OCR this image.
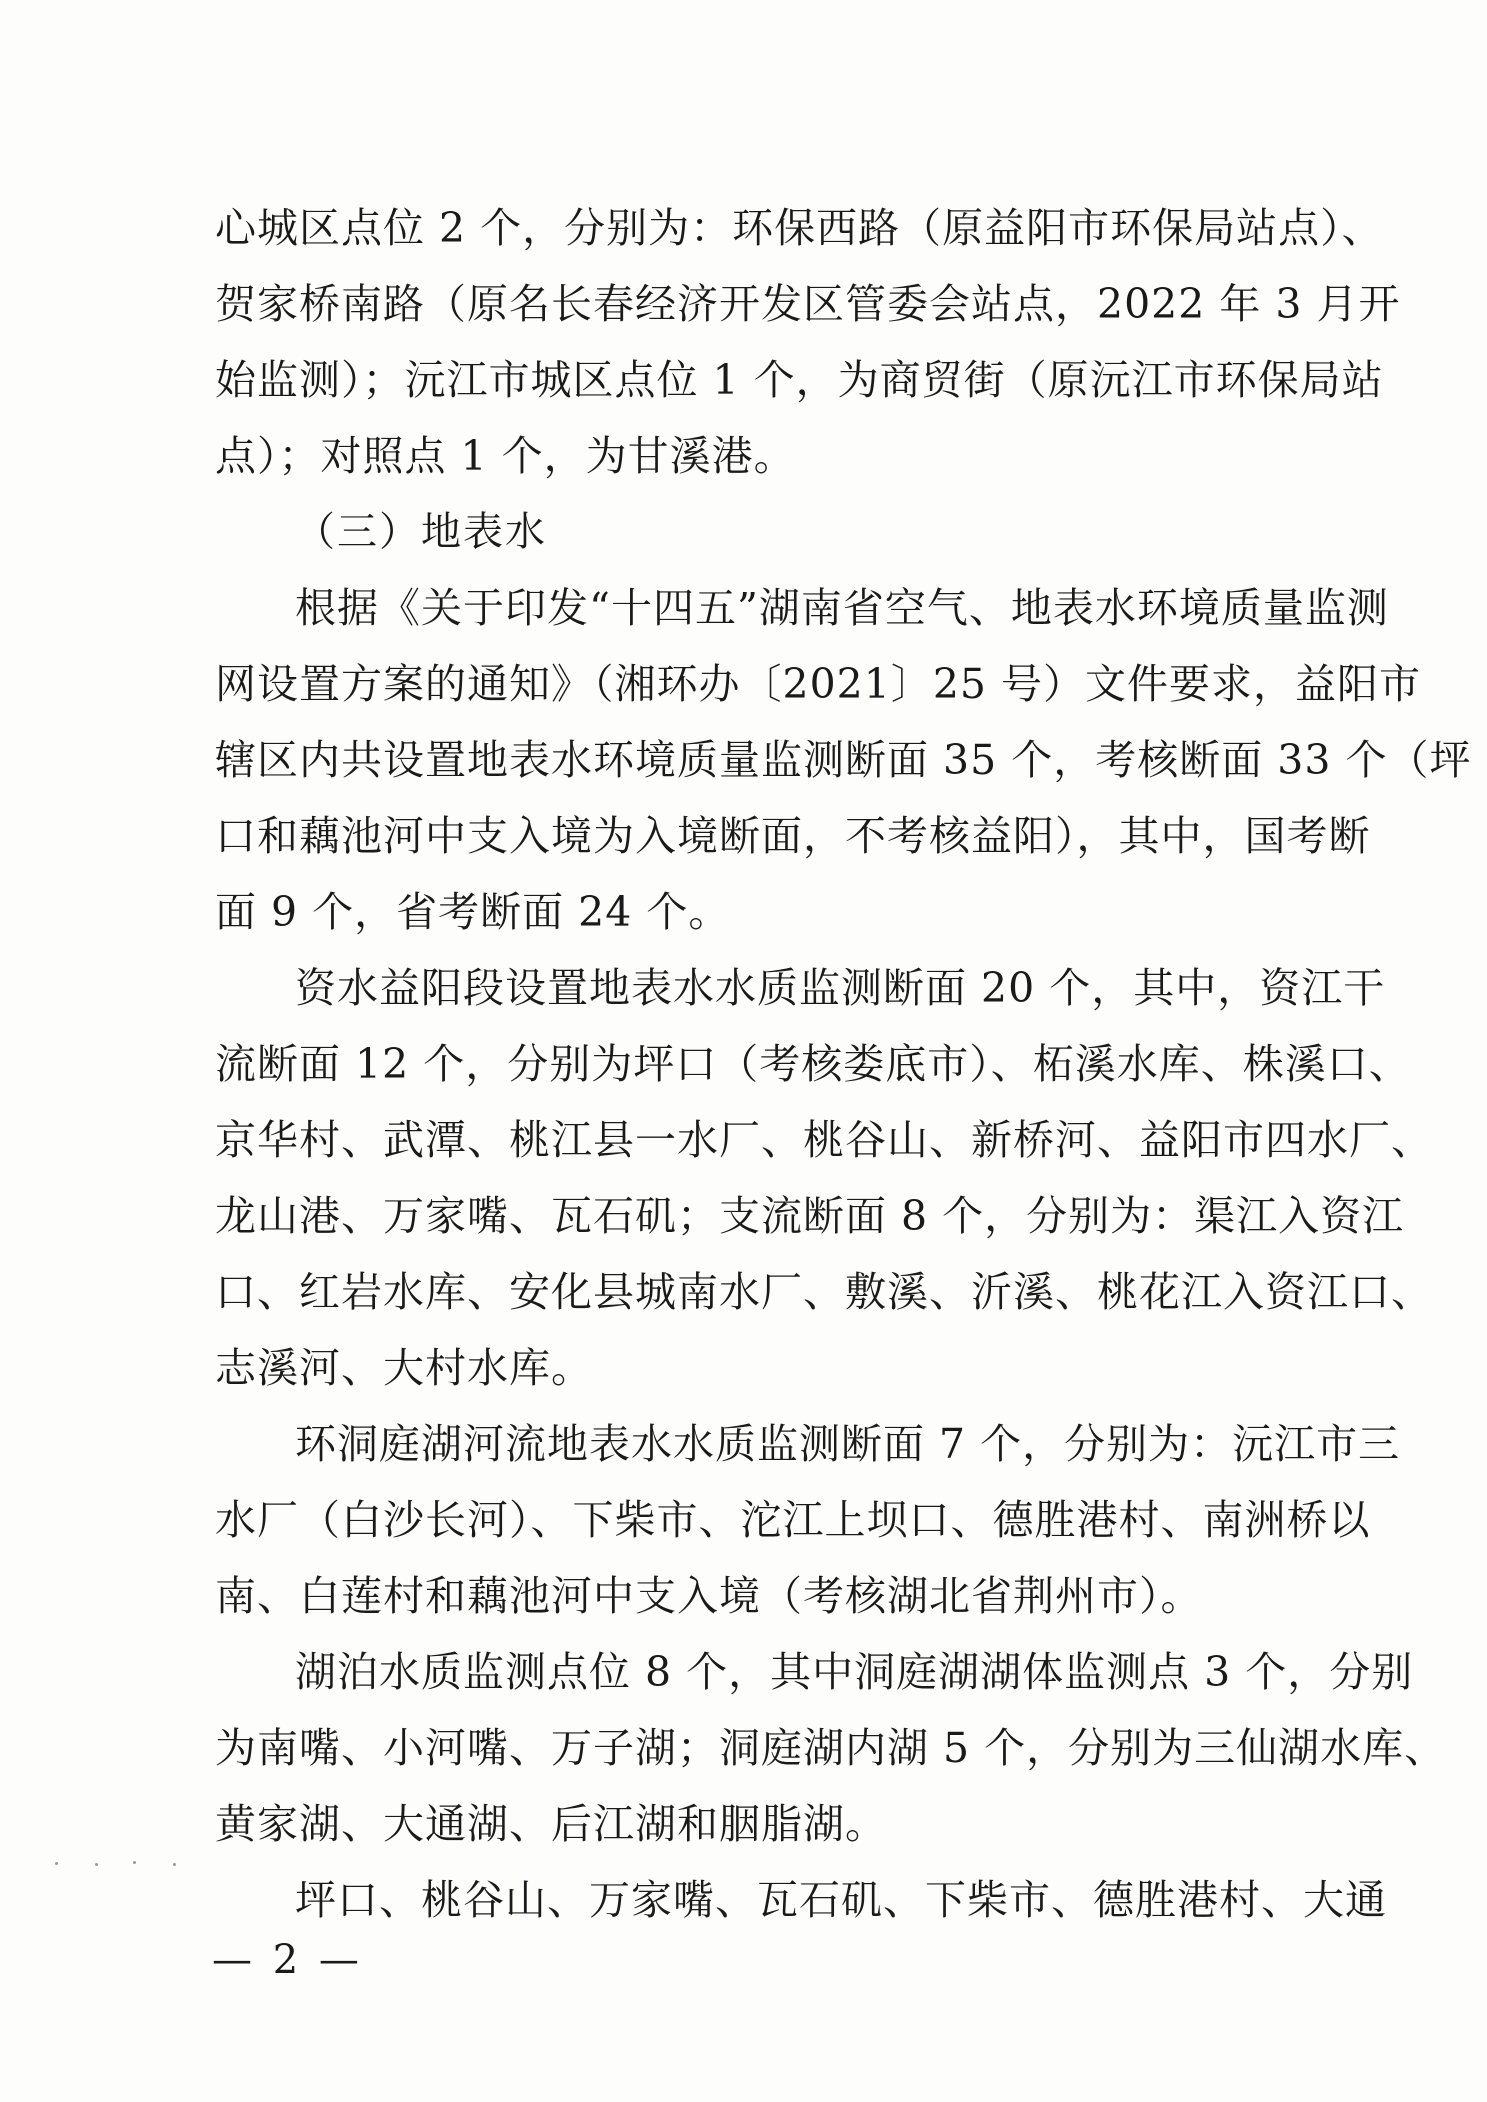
心城区点位 2 个，分别为：环保西路（原益阳市环保局站点）、
贺家桥南路（原名长春经济开发区管委会站点，2022 年 3 月开
始监测）；沅江市城区点位 1 个，为商贸街（原沅江市环保局站
点）；对照点 1 个，为甘溪港。
（三）地表水
根据《关于印发“十四五”湖南省空气、地表水环境质量监测
网设置方案的通知》（湘环办〔2021〕25 号）文件要求，益阳市
辖区内共设置地表水环境质量监测断面 35 个，考核断面 33 个（坪
口和藕池河中支入境为入境断面，不考核益阳），其中，国考断
面 9 个，省考断面 24 个。
资水益阳段设置地表水水质监测断面 20 个，其中，资江干
流断面 12 个，分别为坪口（考核娄底市）、柘溪水库、株溪口、
京华村、武潭、桃江县一水厂、桃谷山、新桥河、益阳市四水厂、
龙山港、万家嘴、瓦石矶；支流断面 8 个，分别为：渠江入资江
口、红岩水库、安化县城南水厂、敷溪、沂溪、桃花江入资江口、
志溪河、大村水库。
环洞庭湖河流地表水水质监测断面 7 个，分别为：沅江市三
水厂（白沙长河）、下柴市、沱江上坝口、德胜港村、南洲桥以
南、白莲村和藕池河中支入境（考核湖北省荆州市）。
湖泊水质监测点位 8 个，其中洞庭湖湖体监测点 3 个，分别
为南嘴、小河嘴、万子湖；洞庭湖内湖 5 个，分别为三仙湖水库、
黄家湖、大通湖、后江湖和胭脂湖。
坪口、桃谷山、万家嘴、瓦石矶、下柴市、德胜港村、大通
— 2 —
